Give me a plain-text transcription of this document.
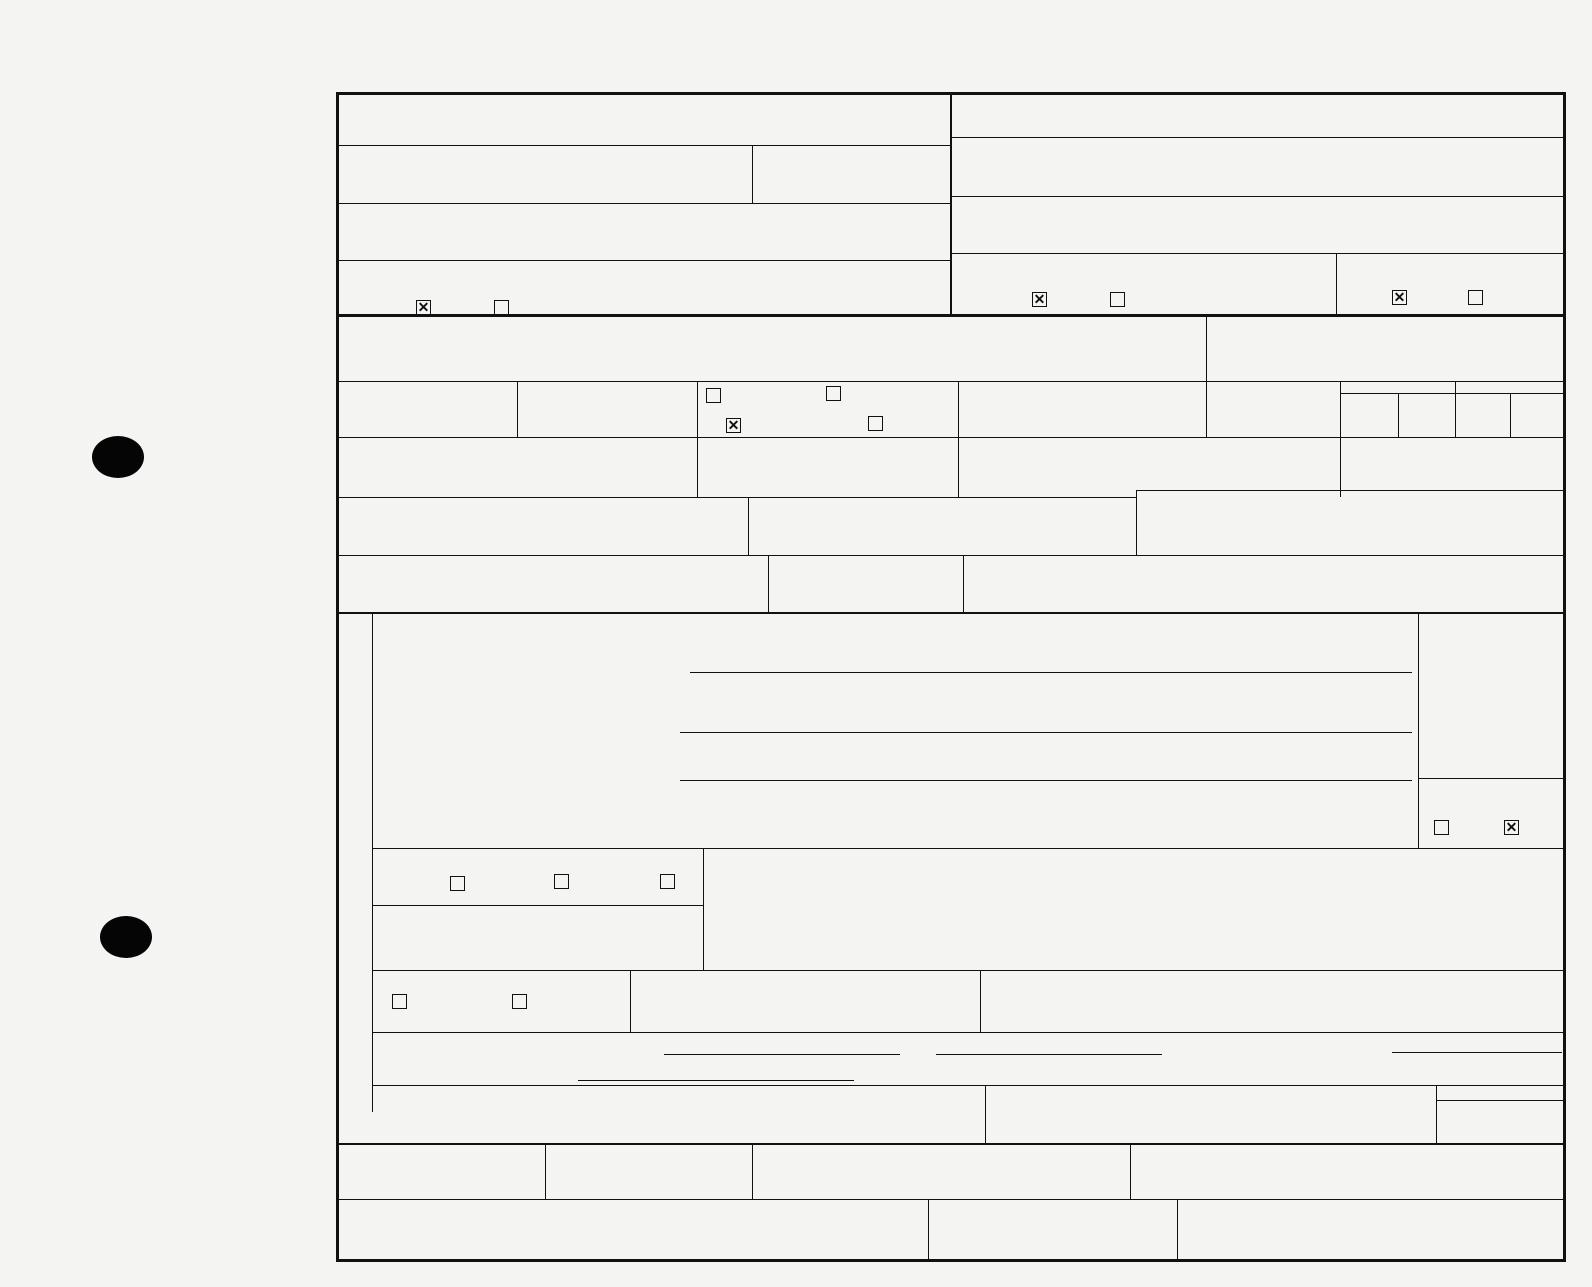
✕	✕	✕
✕
✕
